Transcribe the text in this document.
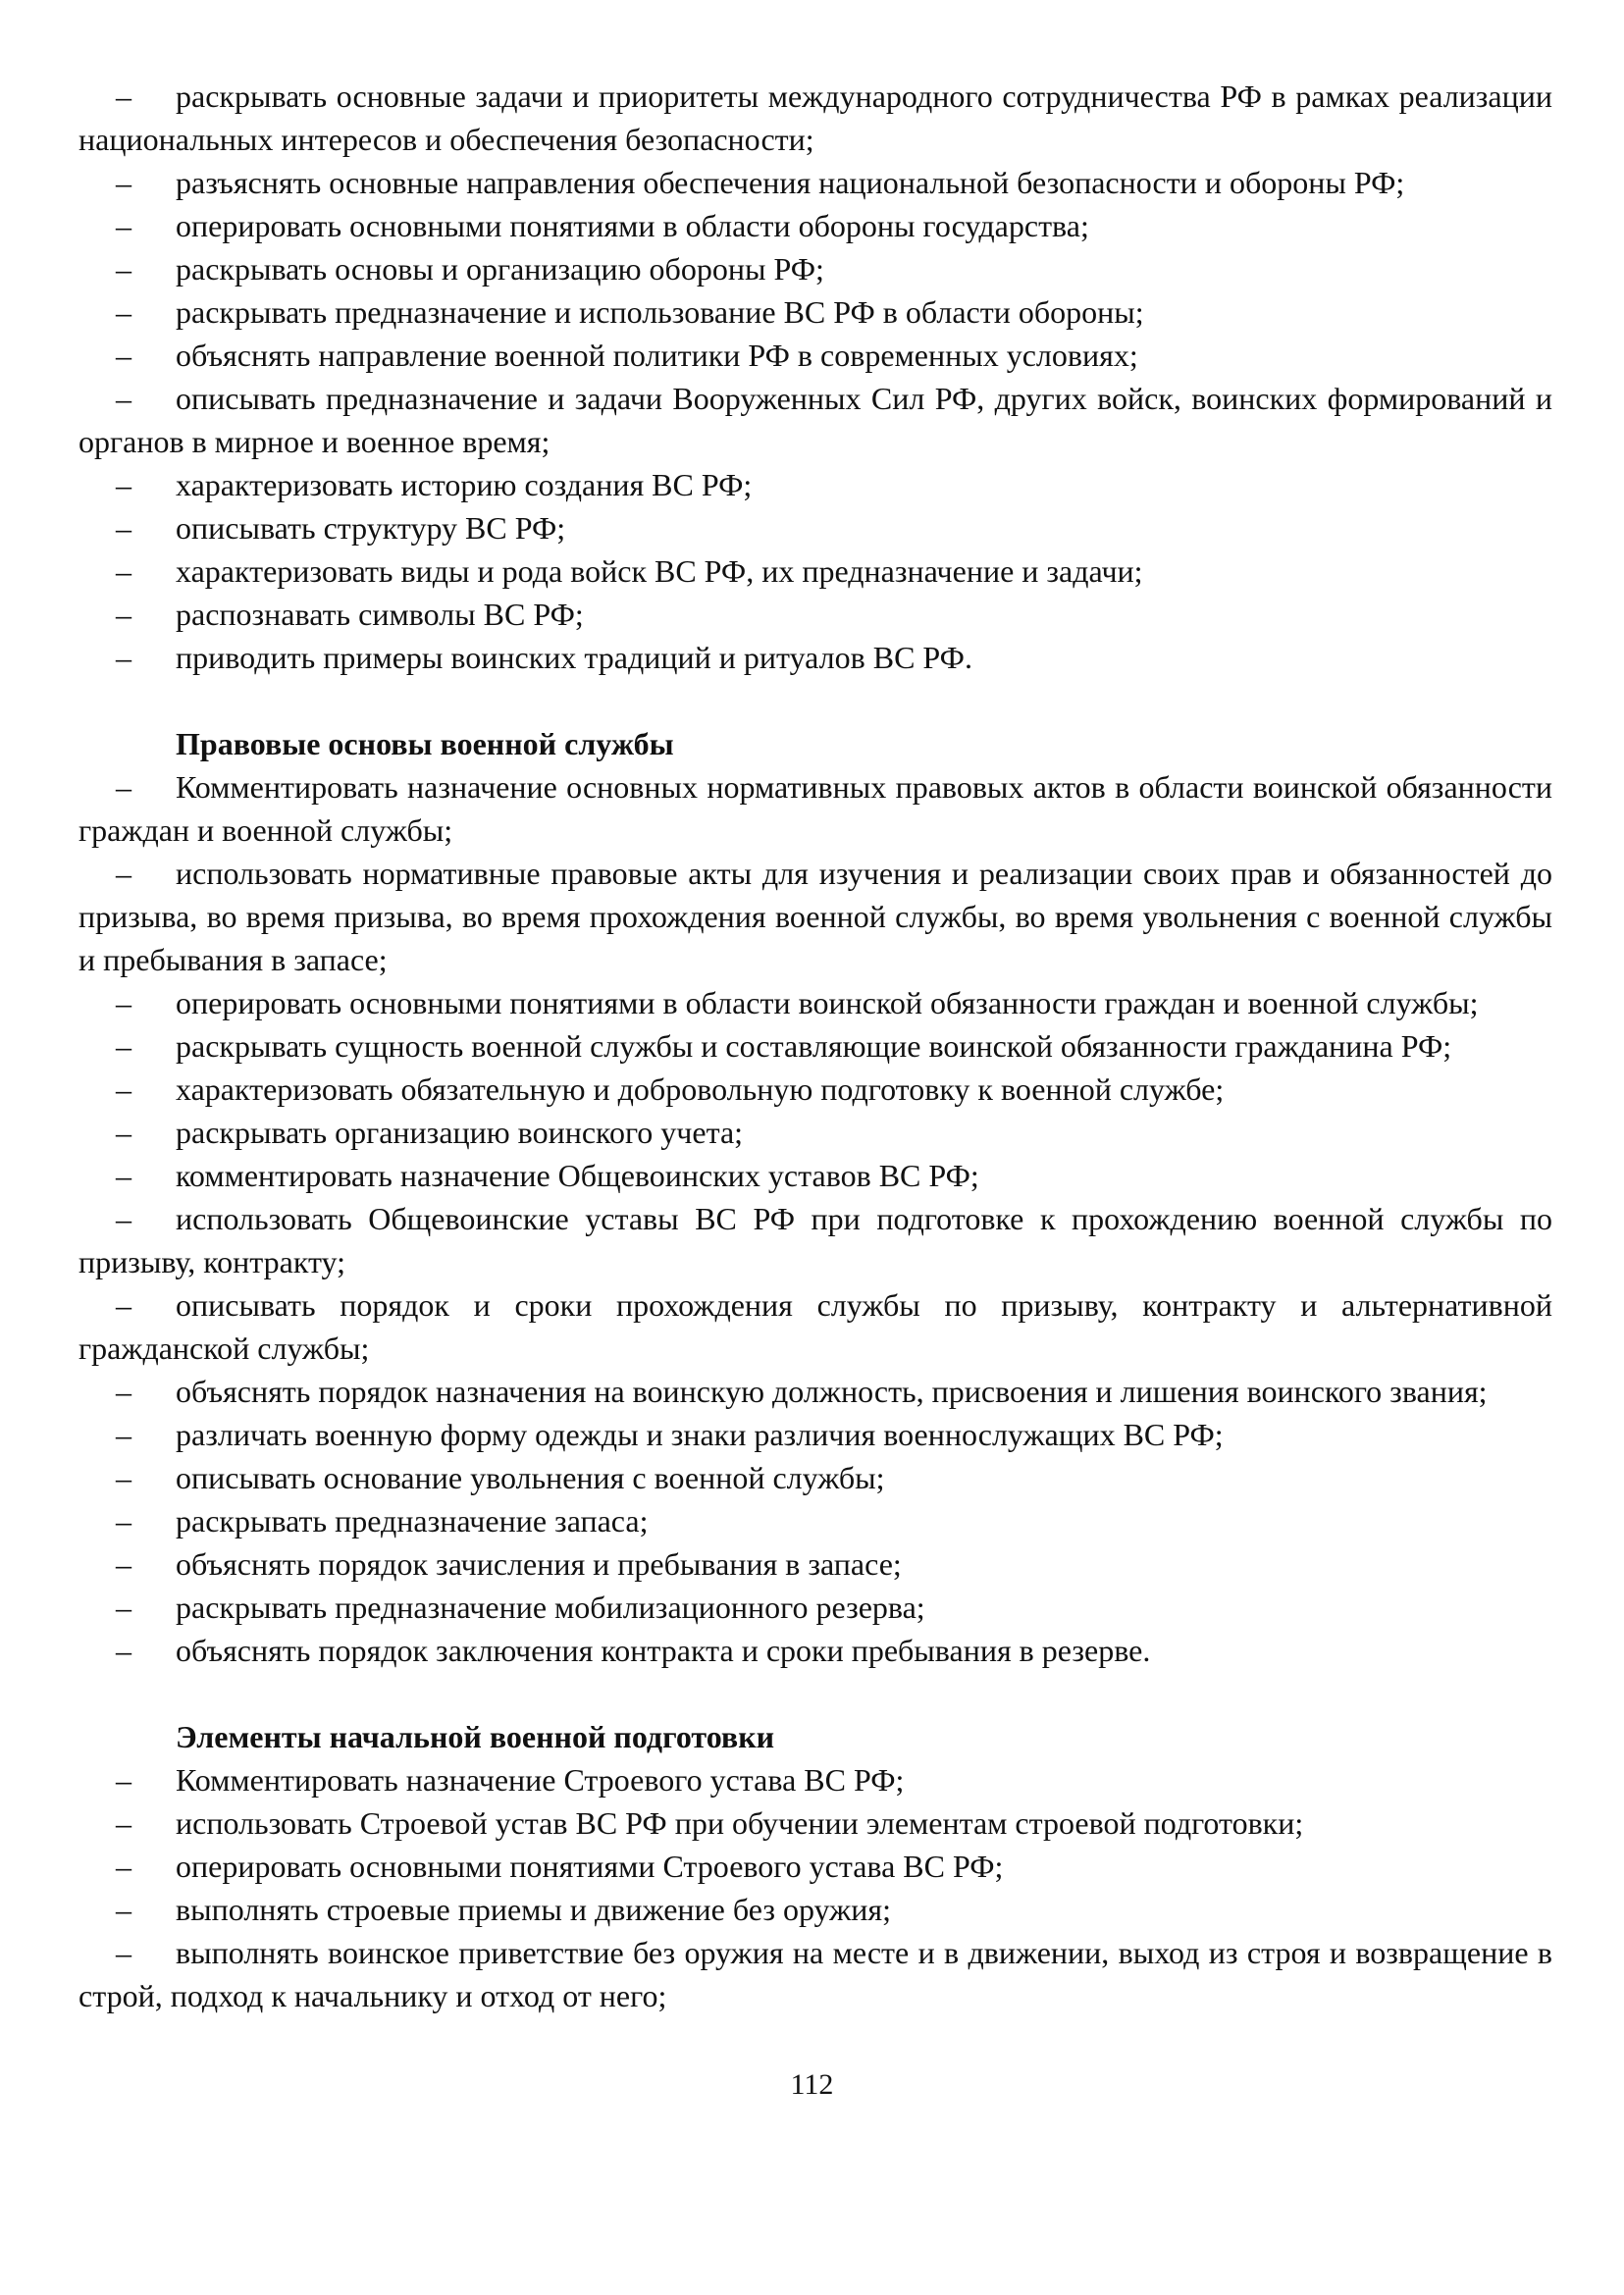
– раскрывать основные задачи и приоритеты международного сотрудничества РФ в рамках реализации национальных интересов и обеспечения безопасности;

– разъяснять основные направления обеспечения национальной безопасности и обороны РФ;

– оперировать основными понятиями в области обороны государства;

– раскрывать основы и организацию обороны РФ;

– раскрывать предназначение и использование ВС РФ в области обороны;

– объяснять направление военной политики РФ в современных условиях;

– описывать предназначение и задачи Вооруженных Сил РФ, других войск, воинских формирований и органов в мирное и военное время;

– характеризовать историю создания ВС РФ;

– описывать структуру ВС РФ;

– характеризовать виды и рода войск ВС РФ, их предназначение и задачи;

– распознавать символы ВС РФ;

– приводить примеры воинских традиций и ритуалов ВС РФ.

Правовые основы военной службы

– Комментировать назначение основных нормативных правовых актов в области воинской обязанности граждан и военной службы;

– использовать нормативные правовые акты для изучения и реализации своих прав и обязанностей до призыва, во время призыва, во время прохождения военной службы, во время увольнения с военной службы и пребывания в запасе;

– оперировать основными понятиями в области воинской обязанности граждан и военной службы;

– раскрывать сущность военной службы и составляющие воинской обязанности гражданина РФ;

– характеризовать обязательную и добровольную подготовку к военной службе;

– раскрывать организацию воинского учета;

– комментировать назначение Общевоинских уставов ВС РФ;

– использовать Общевоинские уставы ВС РФ при подготовке к прохождению военной службы по призыву, контракту;

– описывать порядок и сроки прохождения службы по призыву, контракту и альтернативной гражданской службы;

– объяснять порядок назначения на воинскую должность, присвоения и лишения воинского звания;

– различать военную форму одежды и знаки различия военнослужащих ВС РФ;

– описывать основание увольнения с военной службы;

– раскрывать предназначение запаса;

– объяснять порядок зачисления и пребывания в запасе;

– раскрывать предназначение мобилизационного резерва;

– объяснять порядок заключения контракта и сроки пребывания в резерве.

Элементы начальной военной подготовки

– Комментировать назначение Строевого устава ВС РФ;

– использовать Строевой устав ВС РФ при обучении элементам строевой подготовки;

– оперировать основными понятиями Строевого устава ВС РФ;

– выполнять строевые приемы и движение без оружия;

– выполнять воинское приветствие без оружия на месте и в движении, выход из строя и возвращение в строй, подход к начальнику и отход от него;

112
